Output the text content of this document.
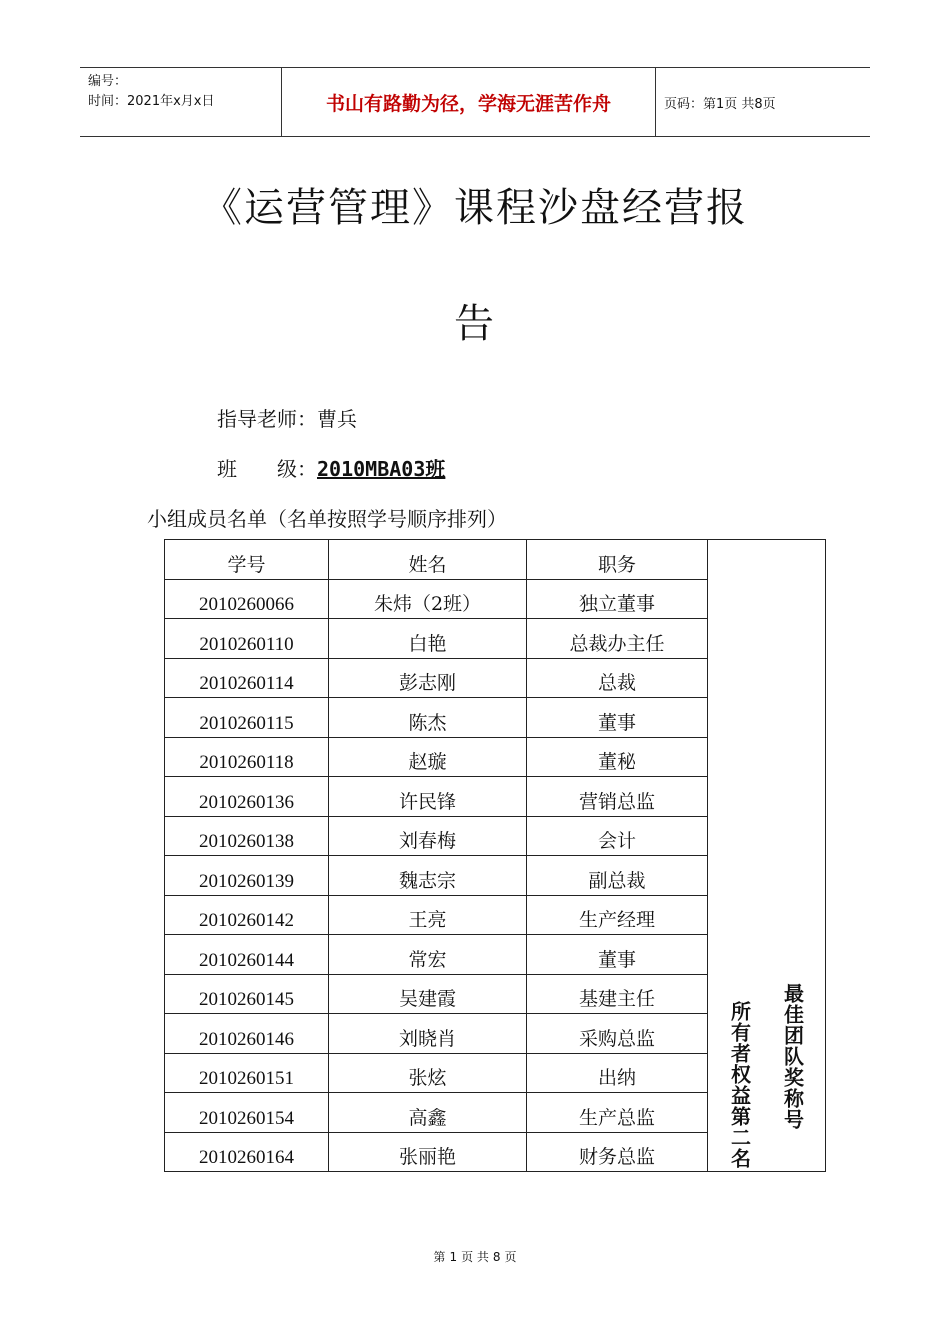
编号：
时间：2021年x月x日	书山有路勤为径，学海无涯苦作舟	页码：第1页 共8页
《运营管理》课程沙盘经营报
告
指导老师：曹兵
班　　级：2010MBA03班
小组成员名单（名单按照学号顺序排列）
学号	姓名	职务	所有者权益第二名 最佳团队奖称号

2010260066	朱炜（2班）	独立董事	
2010260110	白艳	总裁办主任	
2010260114	彭志刚	总裁	
2010260115	陈杰	董事	
2010260118	赵璇	董秘	
2010260136	许民锋	营销总监	
2010260138	刘春梅	会计	
2010260139	魏志宗	副总裁	
2010260142	王亮	生产经理	
2010260144	常宏	董事	
2010260145	吴建霞	基建主任	
2010260146	刘晓肖	采购总监	
2010260151	张炫	出纳	
2010260154	高鑫	生产总监	
2010260164	张丽艳	财务总监	
第 1 页 共 8 页
